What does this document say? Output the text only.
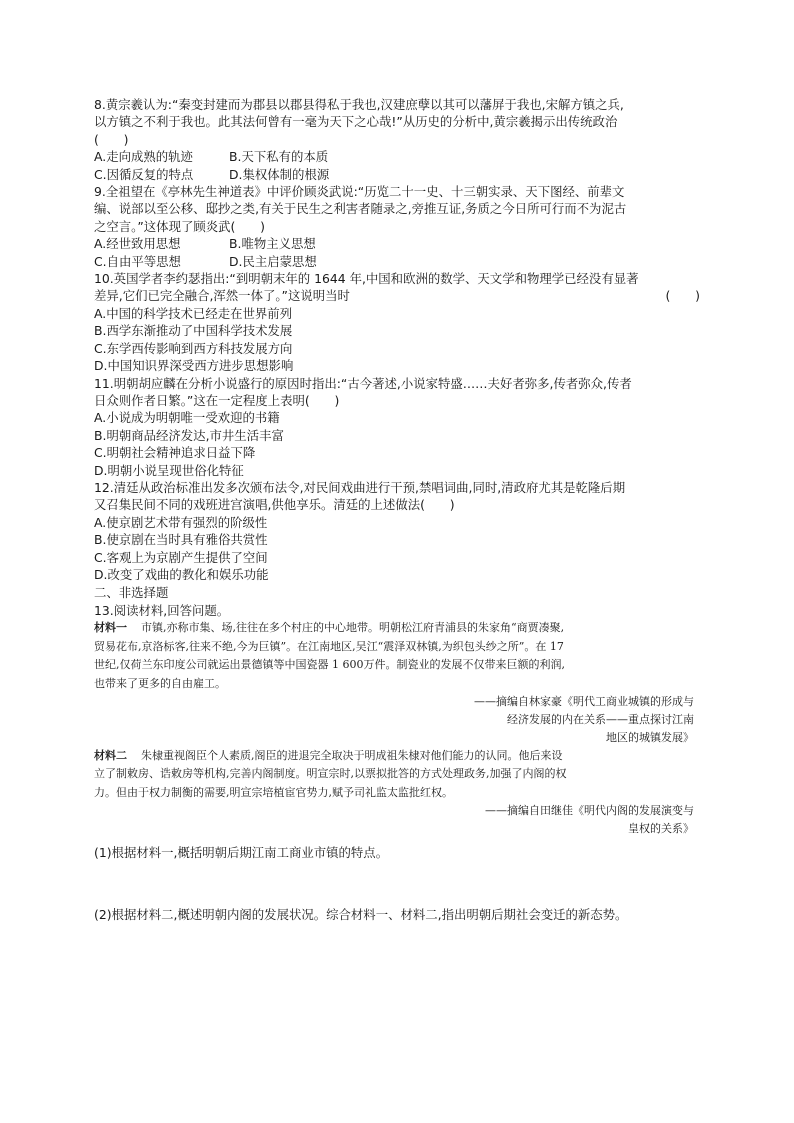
8.黄宗羲认为:“秦变封建而为郡县以郡县得私于我也,汉建庶孽以其可以藩屏于我也,宋解方镇之兵,
以方镇之不利于我也。此其法何曾有一毫为天下之心哉!”从历史的分析中,黄宗羲揭示出传统政治
(　　)
A.走向成熟的轨迹	B.天下私有的本质
C.因循反复的特点	D.集权体制的根源
9.全祖望在《亭林先生神道表》中评价顾炎武说:“历览二十一史、十三朝实录、天下图经、前辈文
编、说部以至公移、邸抄之类,有关于民生之利害者随录之,旁推互证,务质之今日所可行而不为泥古
之空言。”这体现了顾炎武(　　)
A.经世致用思想	B.唯物主义思想
C.自由平等思想	D.民主启蒙思想
10.英国学者李约瑟指出:“到明朝末年的 1644 年,中国和欧洲的数学、天文学和物理学已经没有显著
差异,它们已完全融合,浑然一体了。”这说明当时	(　　)
A.中国的科学技术已经走在世界前列
B.西学东渐推动了中国科学技术发展
C.东学西传影响到西方科技发展方向
D.中国知识界深受西方进步思想影响
11.明朝胡应麟在分析小说盛行的原因时指出:“古今著述,小说家特盛……夫好者弥多,传者弥众,传者
日众则作者日繁。”这在一定程度上表明(　　)
A.小说成为明朝唯一受欢迎的书籍
B.明朝商品经济发达,市井生活丰富
C.明朝社会精神追求日益下降
D.明朝小说呈现世俗化特征
12.清廷从政治标准出发多次颁布法令,对民间戏曲进行干预,禁唱词曲,同时,清政府尤其是乾隆后期
又召集民间不同的戏班进宫演唱,供他享乐。清廷的上述做法(　　)
A.使京剧艺术带有强烈的阶级性
B.使京剧在当时具有雅俗共赏性
C.客观上为京剧产生提供了空间
D.改变了戏曲的教化和娱乐功能
二、非选择题
13.阅读材料,回答问题。
材料一 市镇,亦称市集、场,往往在多个村庄的中心地带。明朝松江府青浦县的朱家角“商贾凑聚,
贸易花布,京洛标客,往来不绝,今为巨镇”。在江南地区,吴江“震泽双林镇,为织包头纱之所”。在 17
世纪,仅荷兰东印度公司就运出景德镇等中国瓷器 1 600万件。制瓷业的发展不仅带来巨额的利润,
也带来了更多的自由雇工。
——摘编自林家豪《明代工商业城镇的形成与
经济发展的内在关系——重点探讨江南
地区的城镇发展》
材料二 朱棣重视阁臣个人素质,阁臣的进退完全取决于明成祖朱棣对他们能力的认同。他后来设
立了制敕房、诰敕房等机构,完善内阁制度。明宣宗时,以票拟批答的方式处理政务,加强了内阁的权
力。但由于权力制衡的需要,明宣宗培植宦官势力,赋予司礼监太监批红权。
——摘编自田继佳《明代内阁的发展演变与
皇权的关系》
(1)根据材料一,概括明朝后期江南工商业市镇的特点。
(2)根据材料二,概述明朝内阁的发展状况。综合材料一、材料二,指出明朝后期社会变迁的新态势。
